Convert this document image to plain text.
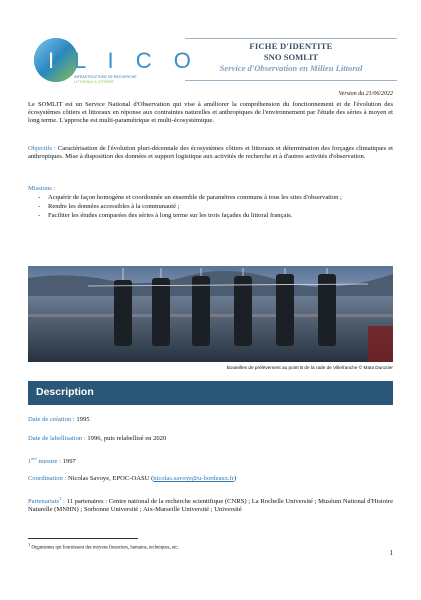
I L I C O
INFRASTRUCTURE DE RECHERCHE
LITTORALE & CÔTIÈRE
FICHE D'IDENTITE
SNO SOMLIT
Service d'Observation en Milieu Littoral
Version du 21/06/2022
Le SOMLIT est un Service National d'Observation qui vise à améliorer la compréhension du fonctionnement et de l'évolution des écosystèmes côtiers et littoraux en réponse aux contraintes naturelles et anthropiques de l'environnement par l'étude des séries à moyen et long terme. L'approche est multi-paramétrique et multi-écosystémique.
Objectifs : Caractérisation de l'évolution pluri-décennale des écosystèmes côtiers et littoraux et détermination des forçages climatiques et anthropiques. Mise à disposition des données et support logistique aux activités de recherche et à d'autres activités d'observation.
Missions :
- Acquérir de façon homogène et coordonnée un ensemble de paramètres communs à tous les sites d'observation ;
- Rendre les données accessibles à la communauté ;
- Faciliter les études comparées des séries à long terme sur les trois façades du littoral français.
Bouteilles de prélèvement au point B de la rade de Villefranche © Maïa Durozier
Description
Date de création : 1995
Date de labellisation : 1996, puis relabellisé en 2020
1ère mesure : 1997
Coordination : Nicolas Savoye, EPOC-OASU (nicolas.savoye@u-bordeaux.fr)
Partenariats$^1$ : 11 partenaires : Centre national de la recherche scientifique (CNRS) ; La Rochelle Université ; Muséum National d'Histoire Naturelle (MNHN) ; Sorbonne Université ; Aix-Marseille Université ; Université
$^1$ Organismes qui fournissent des moyens financiers, humains, techniques, etc.
1
